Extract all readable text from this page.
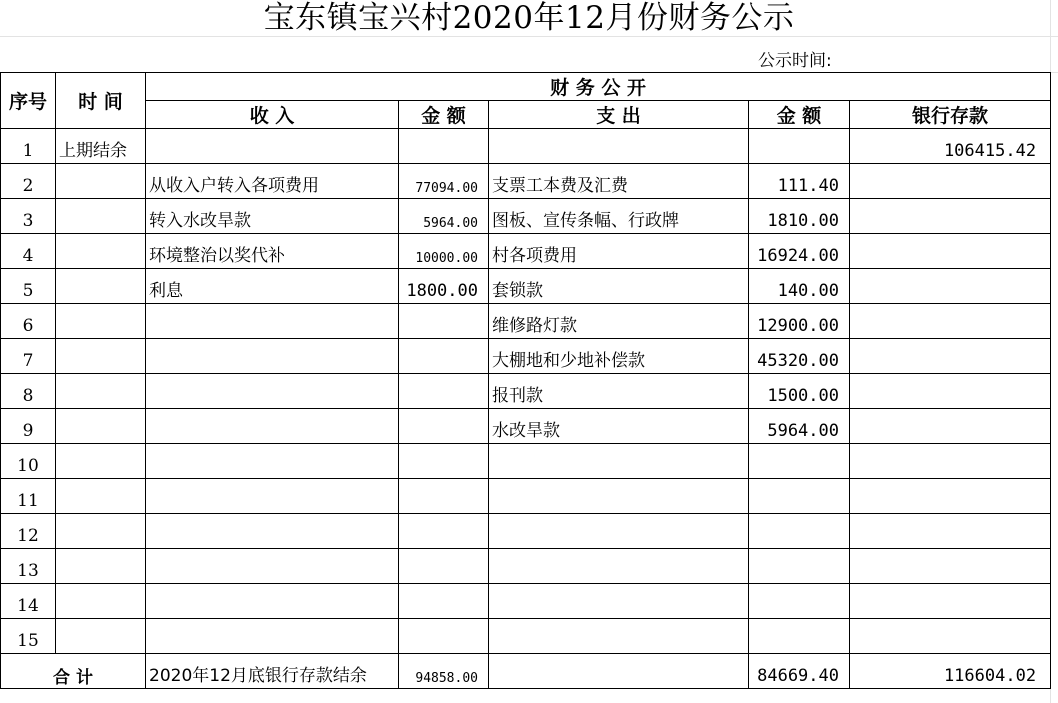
宝东镇宝兴村2020年12月份财务公示
公示时间:
序号	时 间	财 务 公 开				
		收 入	金 额	支 出	金 额	银行存款
1	上期结余					106415.42
2		从收入户转入各项费用	77094.00	支票工本费及汇费	111.40	
3		转入水改旱款	5964.00	图板、宣传条幅、行政牌	1810.00	
4		环境整治以奖代补	10000.00	村各项费用	16924.00	
5		利息	1800.00	套锁款	140.00	
6				维修路灯款	12900.00	
7				大棚地和少地补偿款	45320.00	
8				报刊款	1500.00	
9				水改旱款	5964.00	
10						
11						
12						
13						
14						
15						
合 计		2020年12月底银行存款结余	94858.00		84669.40	116604.02
